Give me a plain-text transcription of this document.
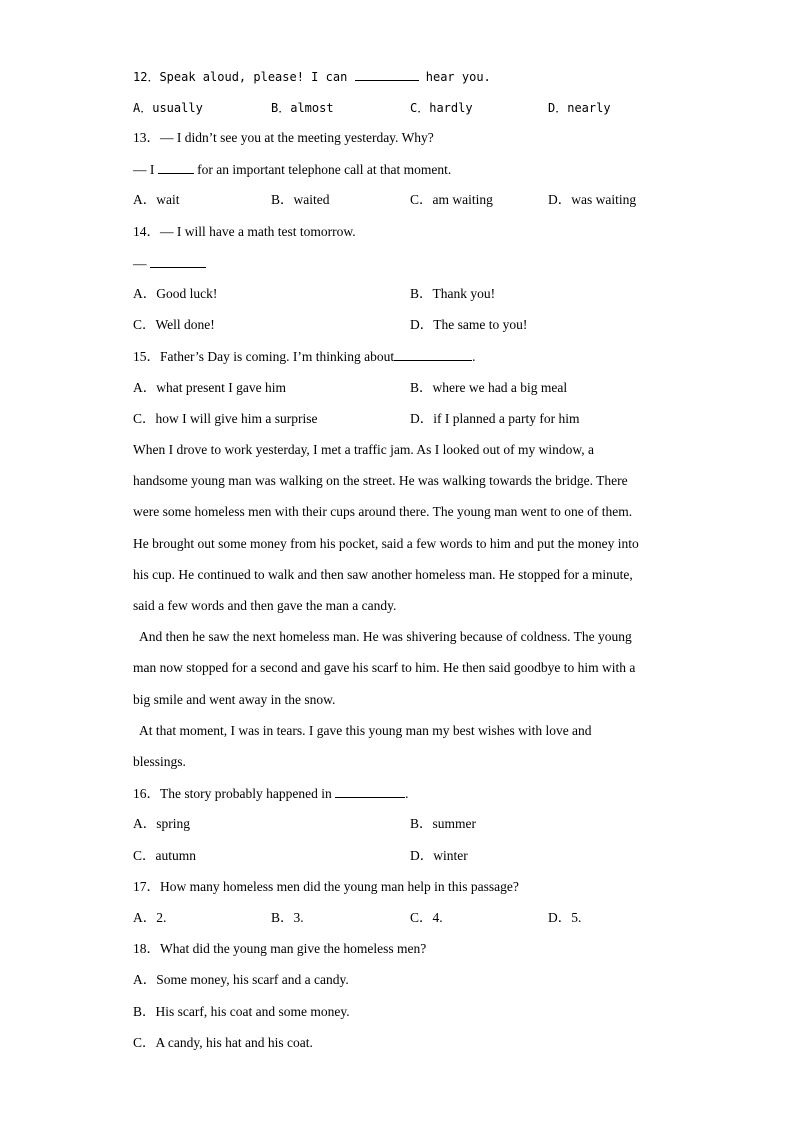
12．Speak aloud, please! I can	hear you.
A．usually	B．almost	C．hardly	D．nearly
13．— I didn’t see you at the meeting yesterday. Why?
— I	for an important telephone call at that moment.
A．wait	B．waited	C．am waiting	D．was waiting
14．— I will have a math test tomorrow.
—
A．Good luck!	B．Thank you!
C．Well done!	D．The same to you!
15．Father’s Day is coming. I’m thinking about	.
A．what present I gave him	B．where we had a big meal
C．how I will give him a surprise	D．if I planned a party for him
When I drove to work yesterday, I met a traffic jam. As I looked out of my window, a
handsome young man was walking on the street. He was walking towards the bridge. There
were some homeless men with their cups around there. The young man went to one of them.
He brought out some money from his pocket, said a few words to him and put the money into
his cup. He continued to walk and then saw another homeless man. He stopped for a minute,
said a few words and then gave the man a candy.
And then he saw the next homeless man. He was shivering because of coldness. The young
man now stopped for a second and gave his scarf to him. He then said goodbye to him with a
big smile and went away in the snow.
At that moment, I was in tears. I gave this young man my best wishes with love and
blessings.
16．The story probably happened in	.
A．spring	B．summer
C．autumn	D．winter
17．How many homeless men did the young man help in this passage?
A．2.	B．3.	C．4.	D．5.
18．What did the young man give the homeless men?
A．Some money, his scarf and a candy.
B．His scarf, his coat and some money.
C．A candy, his hat and his coat.
